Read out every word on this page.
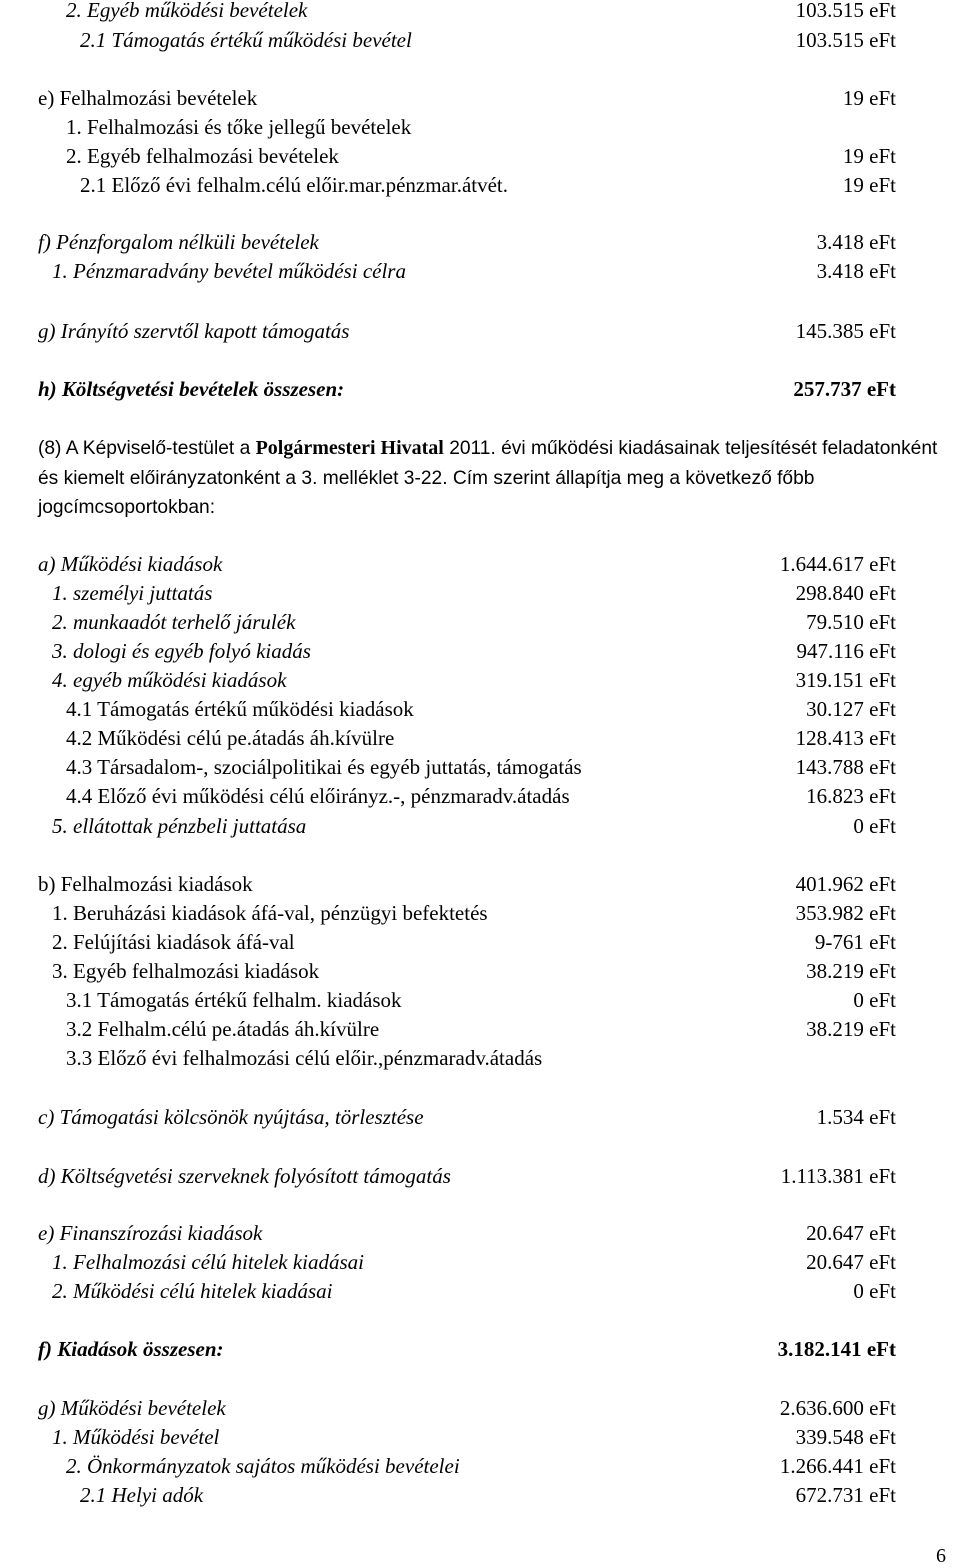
2. Egyéb működési bevételek	103.515 eFt
2.1 Támogatás értékű működési bevétel	103.515 eFt
e) Felhalmozási bevételek	19 eFt
1. Felhalmozási és tőke jellegű bevételek
2. Egyéb felhalmozási bevételek	19 eFt
2.1 Előző évi felhalm.célú előir.mar.pénzmar.átvét.	19 eFt
f) Pénzforgalom nélküli bevételek	3.418 eFt
1. Pénzmaradvány bevétel működési célra	3.418 eFt
g) Irányító szervtől kapott támogatás	145.385 eFt
h) Költségvetési bevételek összesen:	257.737 eFt
a) Működési kiadások	1.644.617 eFt
1. személyi juttatás	298.840 eFt
2. munkaadót terhelő járulék	79.510 eFt
3. dologi és egyéb folyó kiadás	947.116 eFt
4. egyéb működési kiadások	319.151 eFt
4.1 Támogatás értékű működési kiadások	30.127 eFt
4.2 Működési célú pe.átadás áh.kívülre	128.413 eFt
4.3 Társadalom-, szociálpolitikai és egyéb juttatás, támogatás	143.788 eFt
4.4 Előző évi működési célú előirányz.-, pénzmaradv.átadás	16.823 eFt
5. ellátottak pénzbeli juttatása	0 eFt
b) Felhalmozási kiadások	401.962 eFt
1. Beruházási kiadások áfá-val, pénzügyi befektetés	353.982 eFt
2. Felújítási kiadások áfá-val	9-761 eFt
3. Egyéb felhalmozási kiadások	38.219 eFt
3.1 Támogatás értékű felhalm. kiadások	0 eFt
3.2 Felhalm.célú pe.átadás áh.kívülre	38.219 eFt
3.3 Előző évi felhalmozási célú előir.,pénzmaradv.átadás
c) Támogatási kölcsönök nyújtása, törlesztése	1.534 eFt
d) Költségvetési szerveknek folyósított támogatás	1.113.381 eFt
e) Finanszírozási kiadások	20.647 eFt
1. Felhalmozási célú hitelek kiadásai	20.647 eFt
2. Működési célú hitelek kiadásai	0 eFt
f) Kiadások összesen:	3.182.141 eFt
g) Működési bevételek	2.636.600 eFt
1. Működési bevétel	339.548 eFt
2. Önkormányzatok sajátos működési bevételei	1.266.441 eFt
2.1 Helyi adók	672.731 eFt
(8) A Képviselő-testület a Polgármesteri Hivatal 2011. évi működési kiadásainak teljesítését feladatonként és kiemelt előirányzatonként a 3. melléklet 3-22. Cím szerint állapítja meg a következő főbb jogcímcsoportokban:
6
